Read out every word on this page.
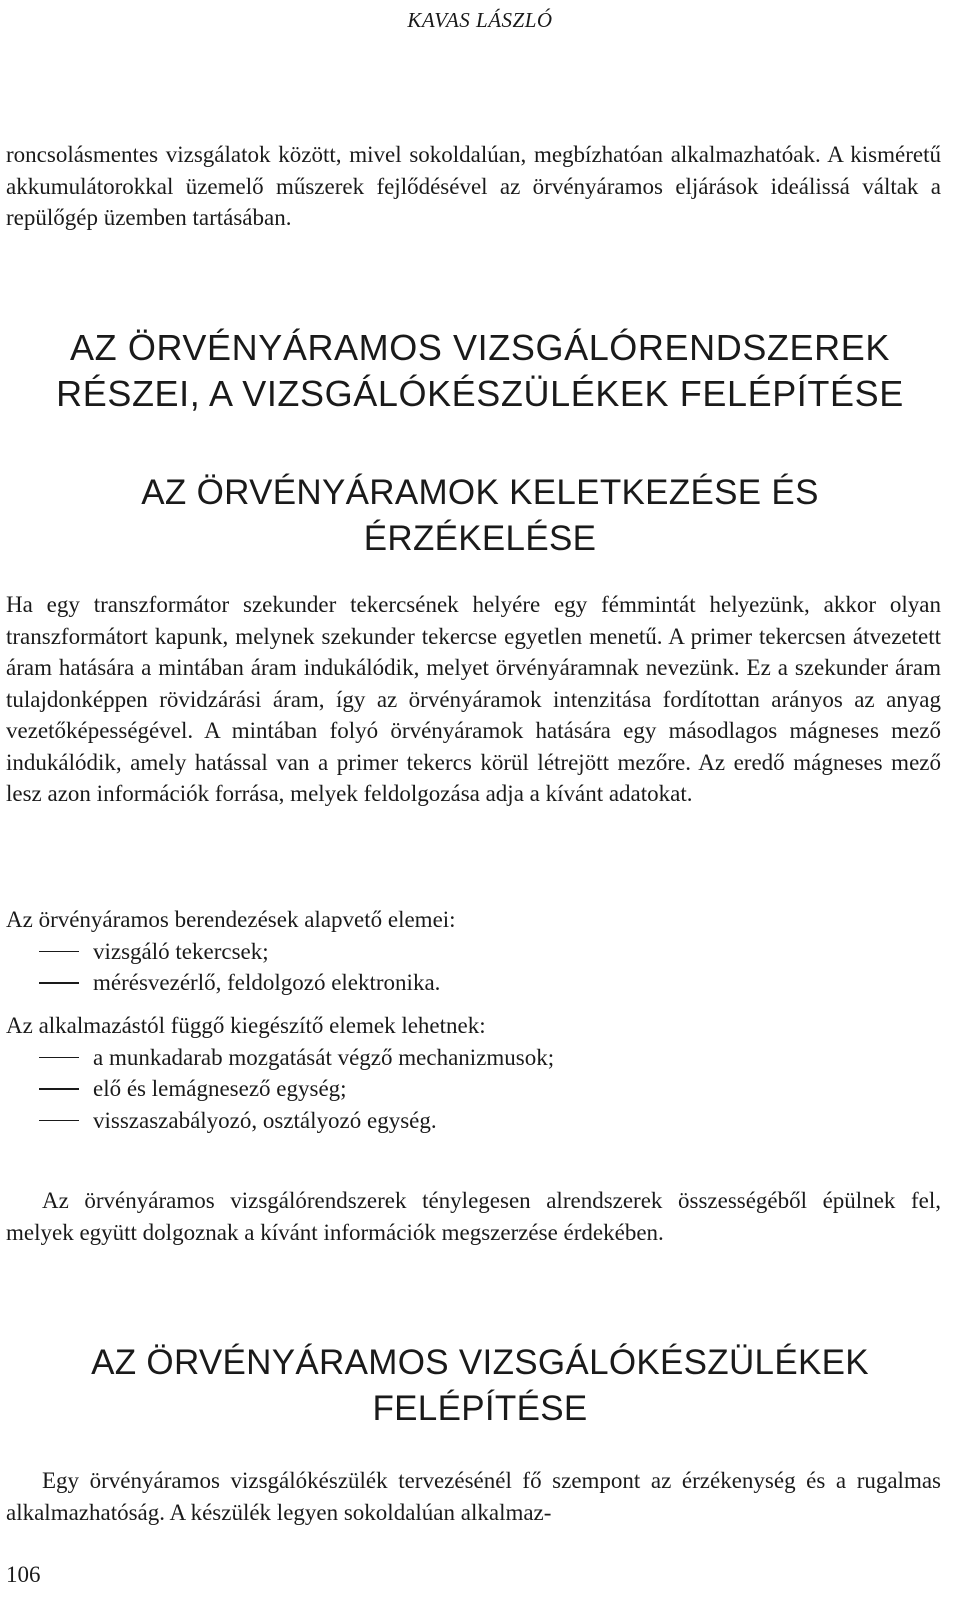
KAVAS LÁSZLÓ

roncsolásmentes vizsgálatok között, mivel sokoldalúan, megbízhatóan alkalmazhatóak. A kisméretű akkumulátorokkal üzemelő műszerek fejlődésével az örvényáramos eljárások ideálissá váltak a repülőgép üzemben tartásában.

AZ ÖRVÉNYÁRAMOS VIZSGÁLÓRENDSZEREK
RÉSZEI, A VIZSGÁLÓKÉSZÜLÉKEK FELÉPÍTÉSE
AZ ÖRVÉNYÁRAMOK KELETKEZÉSE ÉS
ÉRZÉKELÉSE

Ha egy transzformátor szekunder tekercsének helyére egy fémmintát helyezünk, akkor olyan transzformátort kapunk, melynek szekunder tekercse egyetlen menetű. A primer tekercsen átvezetett áram hatására a mintában áram indukálódik, melyet örvényáramnak nevezünk. Ez a szekunder áram tulajdonképpen rövidzárási áram, így az örvényáramok intenzitása fordítottan arányos az anyag vezetőképességével. A mintában folyó örvényáramok hatására egy másodlagos mágneses mező indukálódik, amely hatással van a primer tekercs körül létrejött mezőre. Az eredő mágneses mező lesz azon információk forrása, melyek feldolgozása adja a kívánt adatokat.

Az örvényáramos berendezések alapvető elemei:

vizsgáló tekercsek;
mérésvezérlő, feldolgozó elektronika.

Az alkalmazástól függő kiegészítő elemek lehetnek:

a munkadarab mozgatását végző mechanizmusok;
elő és lemágnesező egység;
visszaszabályozó, osztályozó egység.

Az örvényáramos vizsgálórendszerek ténylegesen alrendszerek összességéből épülnek fel, melyek együtt dolgoznak a kívánt információk megszerzése érdekében.

AZ ÖRVÉNYÁRAMOS VIZSGÁLÓKÉSZÜLÉKEK
FELÉPÍTÉSE

Egy örvényáramos vizsgálókészülék tervezésénél fő szempont az érzékenység és a rugalmas alkalmazhatóság. A készülék legyen sokoldalúan alkalmaz-

106
